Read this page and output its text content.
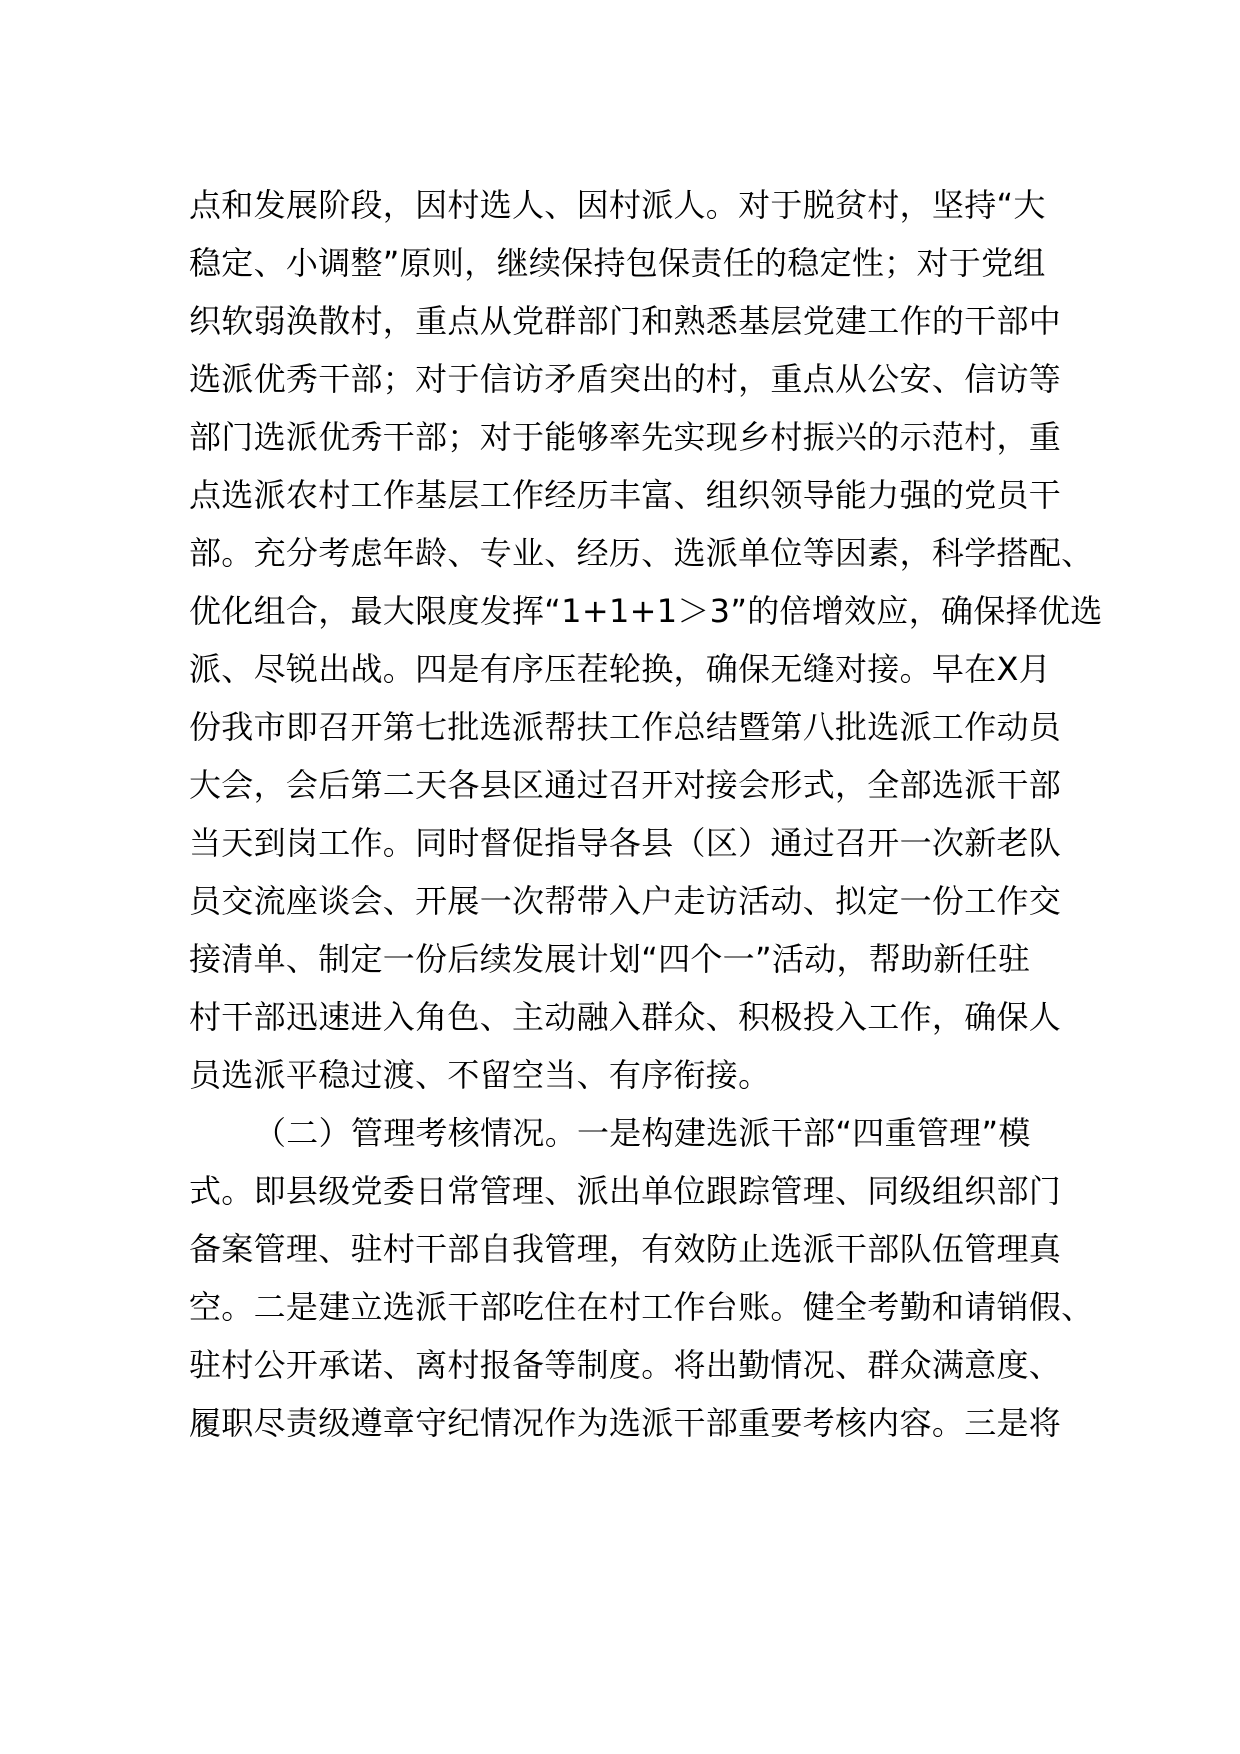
点和发展阶段，因村选人、因村派人。对于脱贫村，坚持“大
稳定、小调整”原则，继续保持包保责任的稳定性；对于党组
织软弱涣散村，重点从党群部门和熟悉基层党建工作的干部中
选派优秀干部；对于信访矛盾突出的村，重点从公安、信访等
部门选派优秀干部；对于能够率先实现乡村振兴的示范村，重
点选派农村工作基层工作经历丰富、组织领导能力强的党员干
部。充分考虑年龄、专业、经历、选派单位等因素，科学搭配、
优化组合，最大限度发挥“1+1+1＞3”的倍增效应，确保择优选
派、尽锐出战。四是有序压茬轮换，确保无缝对接。早在X月
份我市即召开第七批选派帮扶工作总结暨第八批选派工作动员
大会，会后第二天各县区通过召开对接会形式，全部选派干部
当天到岗工作。同时督促指导各县（区）通过召开一次新老队
员交流座谈会、开展一次帮带入户走访活动、拟定一份工作交
接清单、制定一份后续发展计划“四个一”活动，帮助新任驻
村干部迅速进入角色、主动融入群众、积极投入工作，确保人
员选派平稳过渡、不留空当、有序衔接。
（二）管理考核情况。一是构建选派干部“四重管理”模
式。即县级党委日常管理、派出单位跟踪管理、同级组织部门
备案管理、驻村干部自我管理，有效防止选派干部队伍管理真
空。二是建立选派干部吃住在村工作台账。健全考勤和请销假、
驻村公开承诺、离村报备等制度。将出勤情况、群众满意度、
履职尽责级遵章守纪情况作为选派干部重要考核内容。三是将
